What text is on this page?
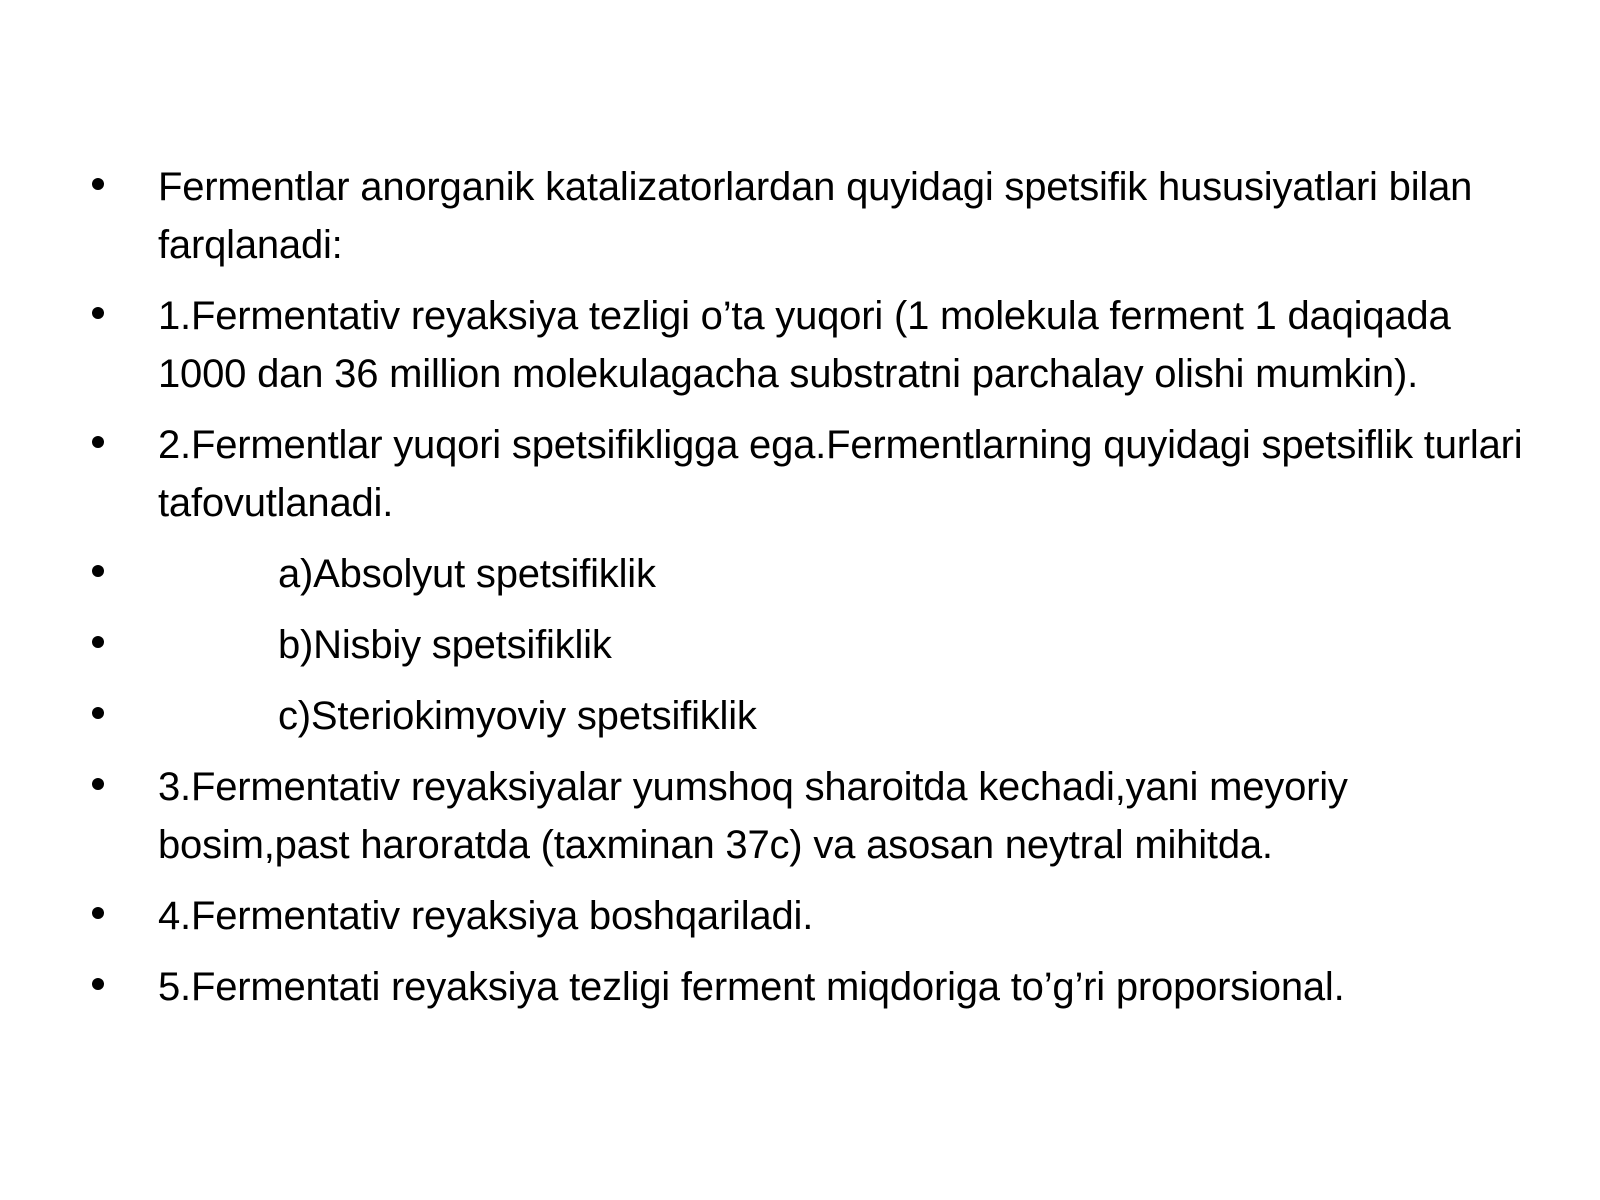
Fermentlar anorganik katalizatorlardan quyidagi spetsifik hususiyatlari bilan farqlanadi:
1.Fermentativ reyaksiya tezligi o’ta yuqori (1 molekula ferment 1 daqiqada 1000 dan 36 million molekulagacha substratni parchalay olishi mumkin).
2.Fermentlar yuqori spetsifikligga ega.Fermentlarning quyidagi spetsiflik turlari tafovutlanadi.
a)Absolyut spetsifiklik
b)Nisbiy spetsifiklik
c)Steriokimyoviy spetsifiklik
3.Fermentativ reyaksiyalar yumshoq sharoitda kechadi,yani meyoriy bosim,past haroratda (taxminan 37c) va asosan neytral mihitda.
4.Fermentativ reyaksiya boshqariladi.
5.Fermentati reyaksiya tezligi ferment miqdoriga to’g’ri proporsional.
